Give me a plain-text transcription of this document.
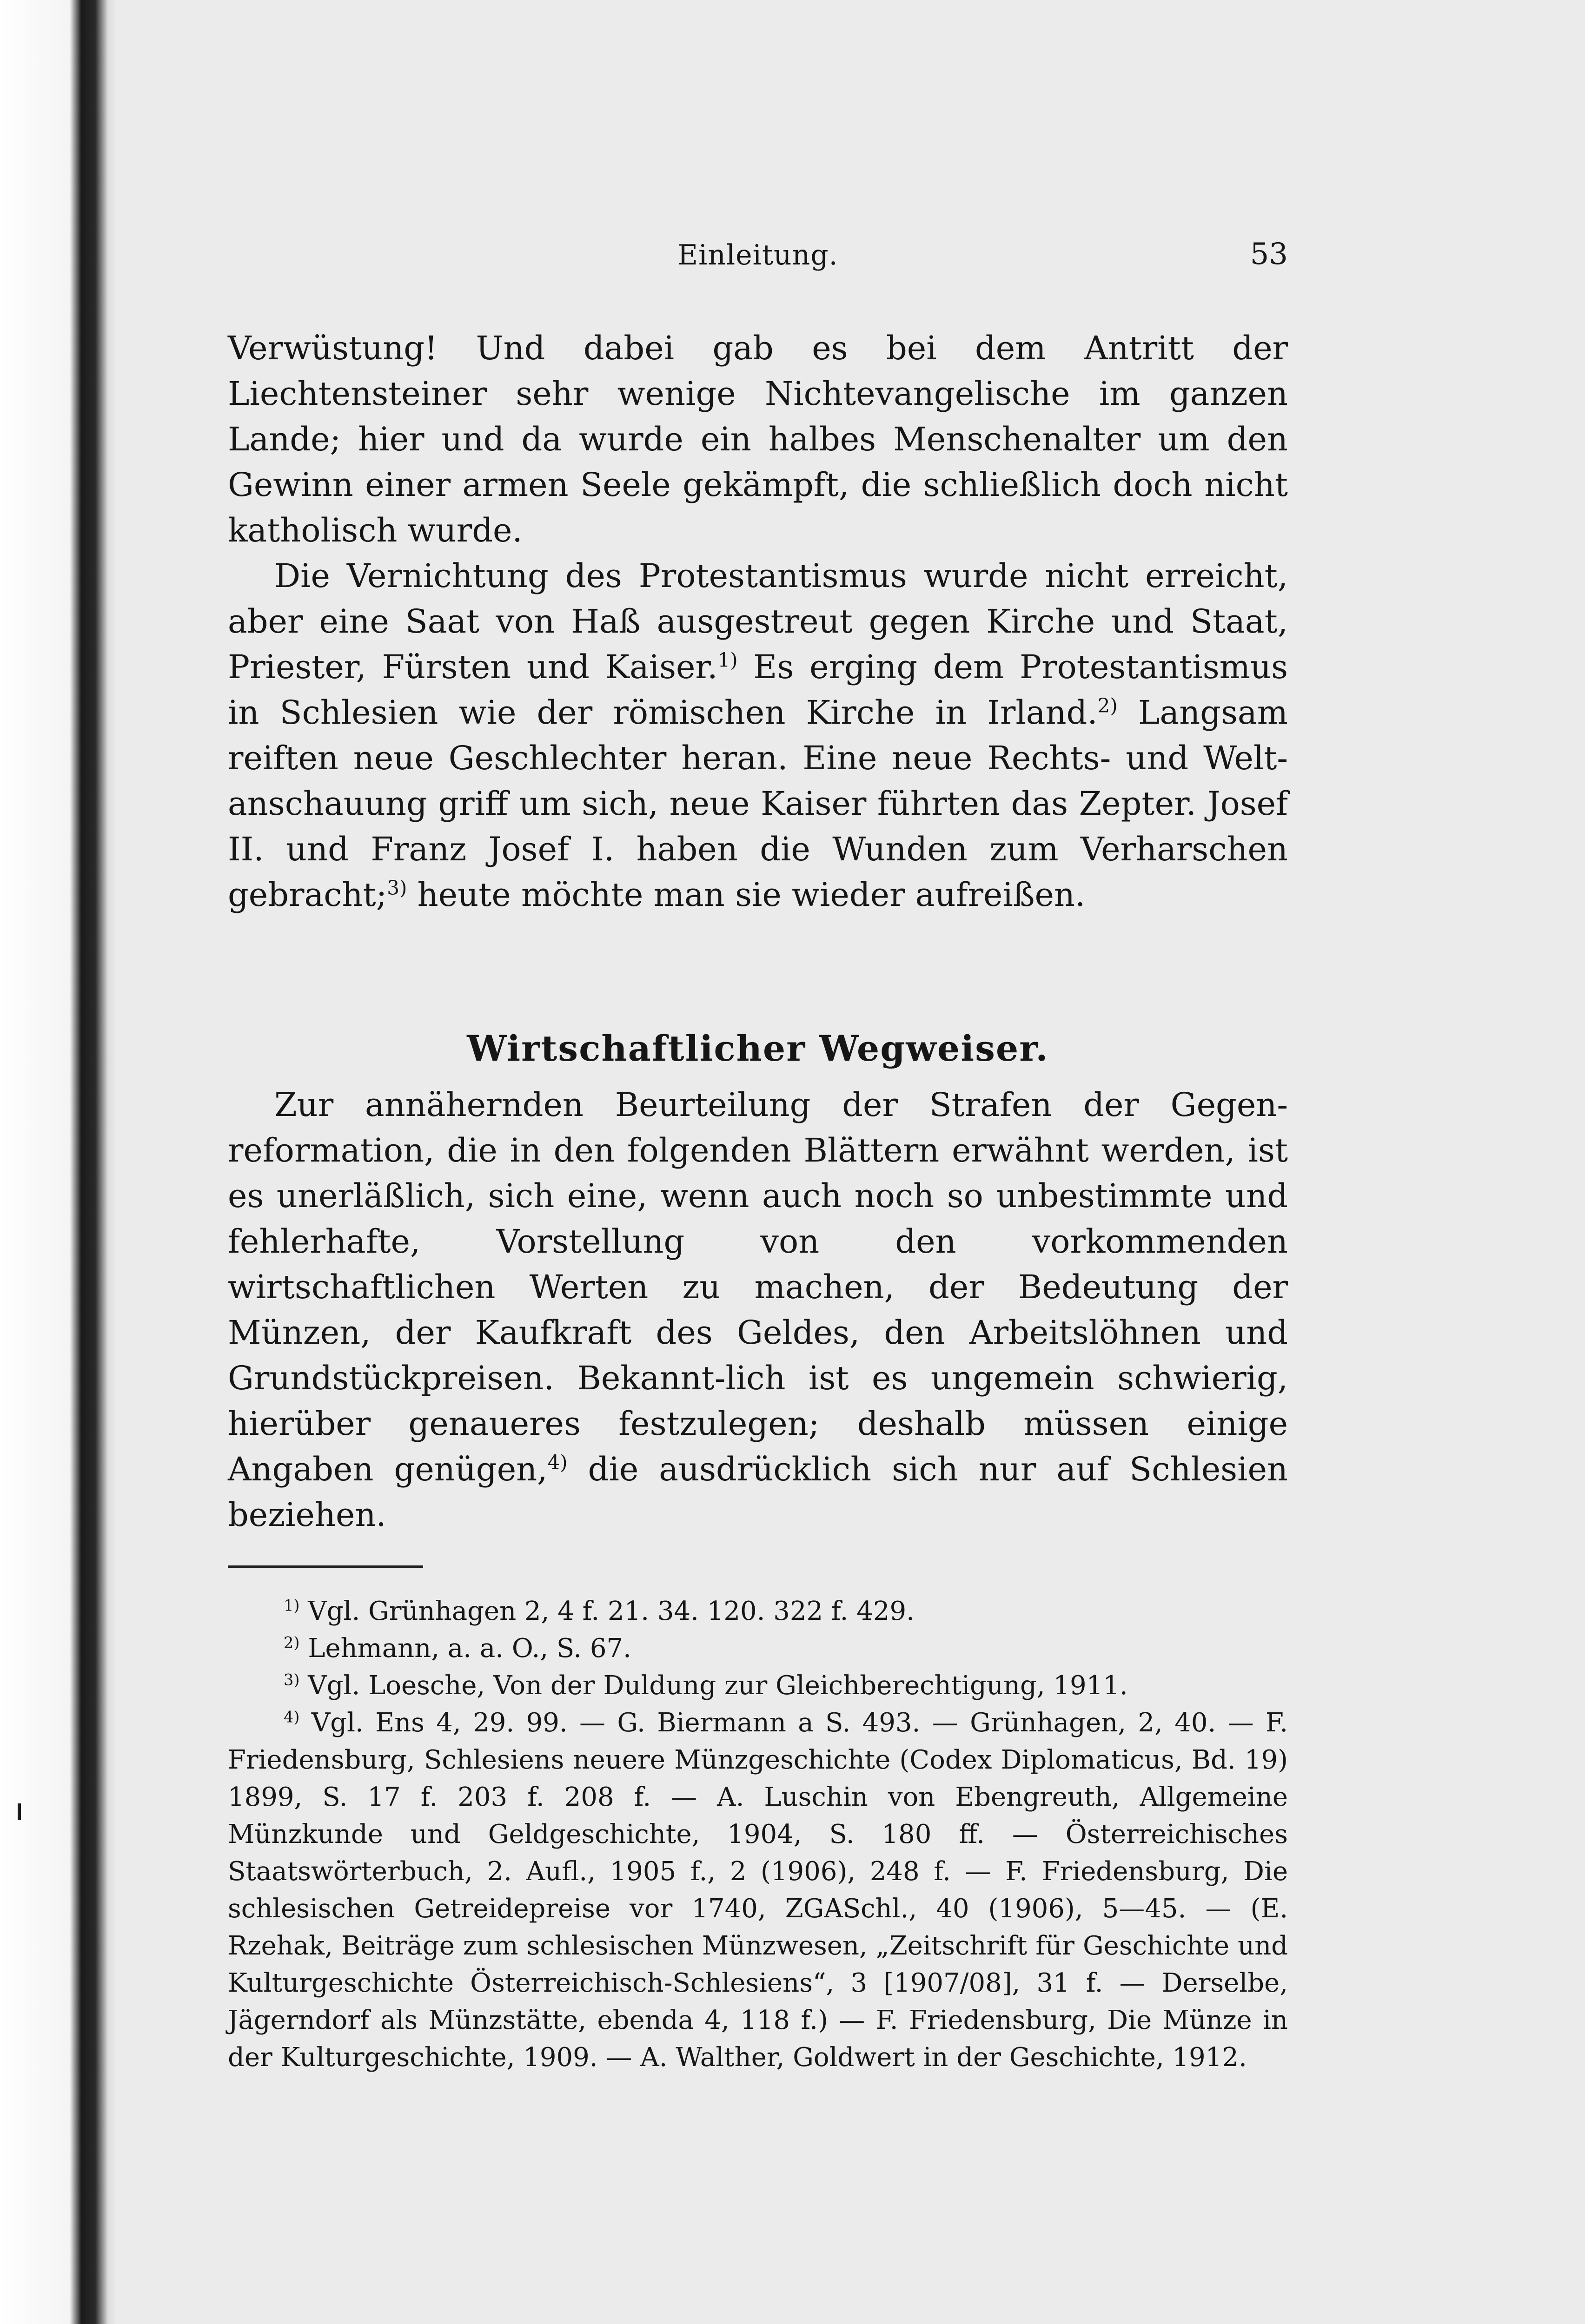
Einleitung.	53

Verwüstung! Und dabei gab es bei dem Antritt der Liechtensteiner sehr wenige Nichtevangelische im ganzen Lande; hier und da wurde ein halbes Menschenalter um den Gewinn einer armen Seele gekämpft, die schließlich doch nicht katholisch wurde.

Die Vernichtung des Protestantismus wurde nicht erreicht, aber eine Saat von Haß ausgestreut gegen Kirche und Staat, Priester, Fürsten und Kaiser.$^{1)}$ Es erging dem Protestantismus in Schlesien wie der römischen Kirche in Irland.$^{2)}$ Langsam reiften neue Geschlechter heran. Eine neue Rechts- und Welt-anschauung griff um sich, neue Kaiser führten das Zepter. Josef II. und Franz Josef I. haben die Wunden zum Verharschen gebracht;$^{3)}$ heute möchte man sie wieder aufreißen.

Wirtschaftlicher Wegweiser.

Zur annähernden Beurteilung der Strafen der Gegen-reformation, die in den folgenden Blättern erwähnt werden, ist es unerläßlich, sich eine, wenn auch noch so unbestimmte und fehlerhafte, Vorstellung von den vorkommenden wirtschaftlichen Werten zu machen, der Bedeutung der Münzen, der Kaufkraft des Geldes, den Arbeitslöhnen und Grundstückpreisen. Bekannt-lich ist es ungemein schwierig, hierüber genaueres festzulegen; deshalb müssen einige Angaben genügen,$^{4)}$ die ausdrücklich sich nur auf Schlesien beziehen.

$^{1)}$ Vgl. Grünhagen 2, 4 f. 21. 34. 120. 322 f. 429.

$^{2)}$ Lehmann, a. a. O., S. 67.

$^{3)}$ Vgl. Loesche, Von der Duldung zur Gleichberechtigung, 1911.

$^{4)}$ Vgl. Ens 4, 29. 99. — G. Biermann a S. 493. — Grünhagen, 2, 40. — F. Friedensburg, Schlesiens neuere Münzgeschichte (Codex Diplomaticus, Bd. 19) 1899, S. 17 f. 203 f. 208 f. — A. Luschin von Ebengreuth, Allgemeine Münzkunde und Geldgeschichte, 1904, S. 180 ff. — Österreichisches Staatswörterbuch, 2. Aufl., 1905 f., 2 (1906), 248 f. — F. Friedensburg, Die schlesischen Getreidepreise vor 1740, ZGASchl., 40 (1906), 5—45. — (E. Rzehak, Beiträge zum schlesischen Münzwesen, „Zeitschrift für Geschichte und Kulturgeschichte Österreichisch-Schlesiens“, 3 [1907/08], 31 f. — Derselbe, Jägerndorf als Münzstätte, ebenda 4, 118 f.) — F. Friedensburg, Die Münze in der Kulturgeschichte, 1909. — A. Walther, Goldwert in der Geschichte, 1912.
